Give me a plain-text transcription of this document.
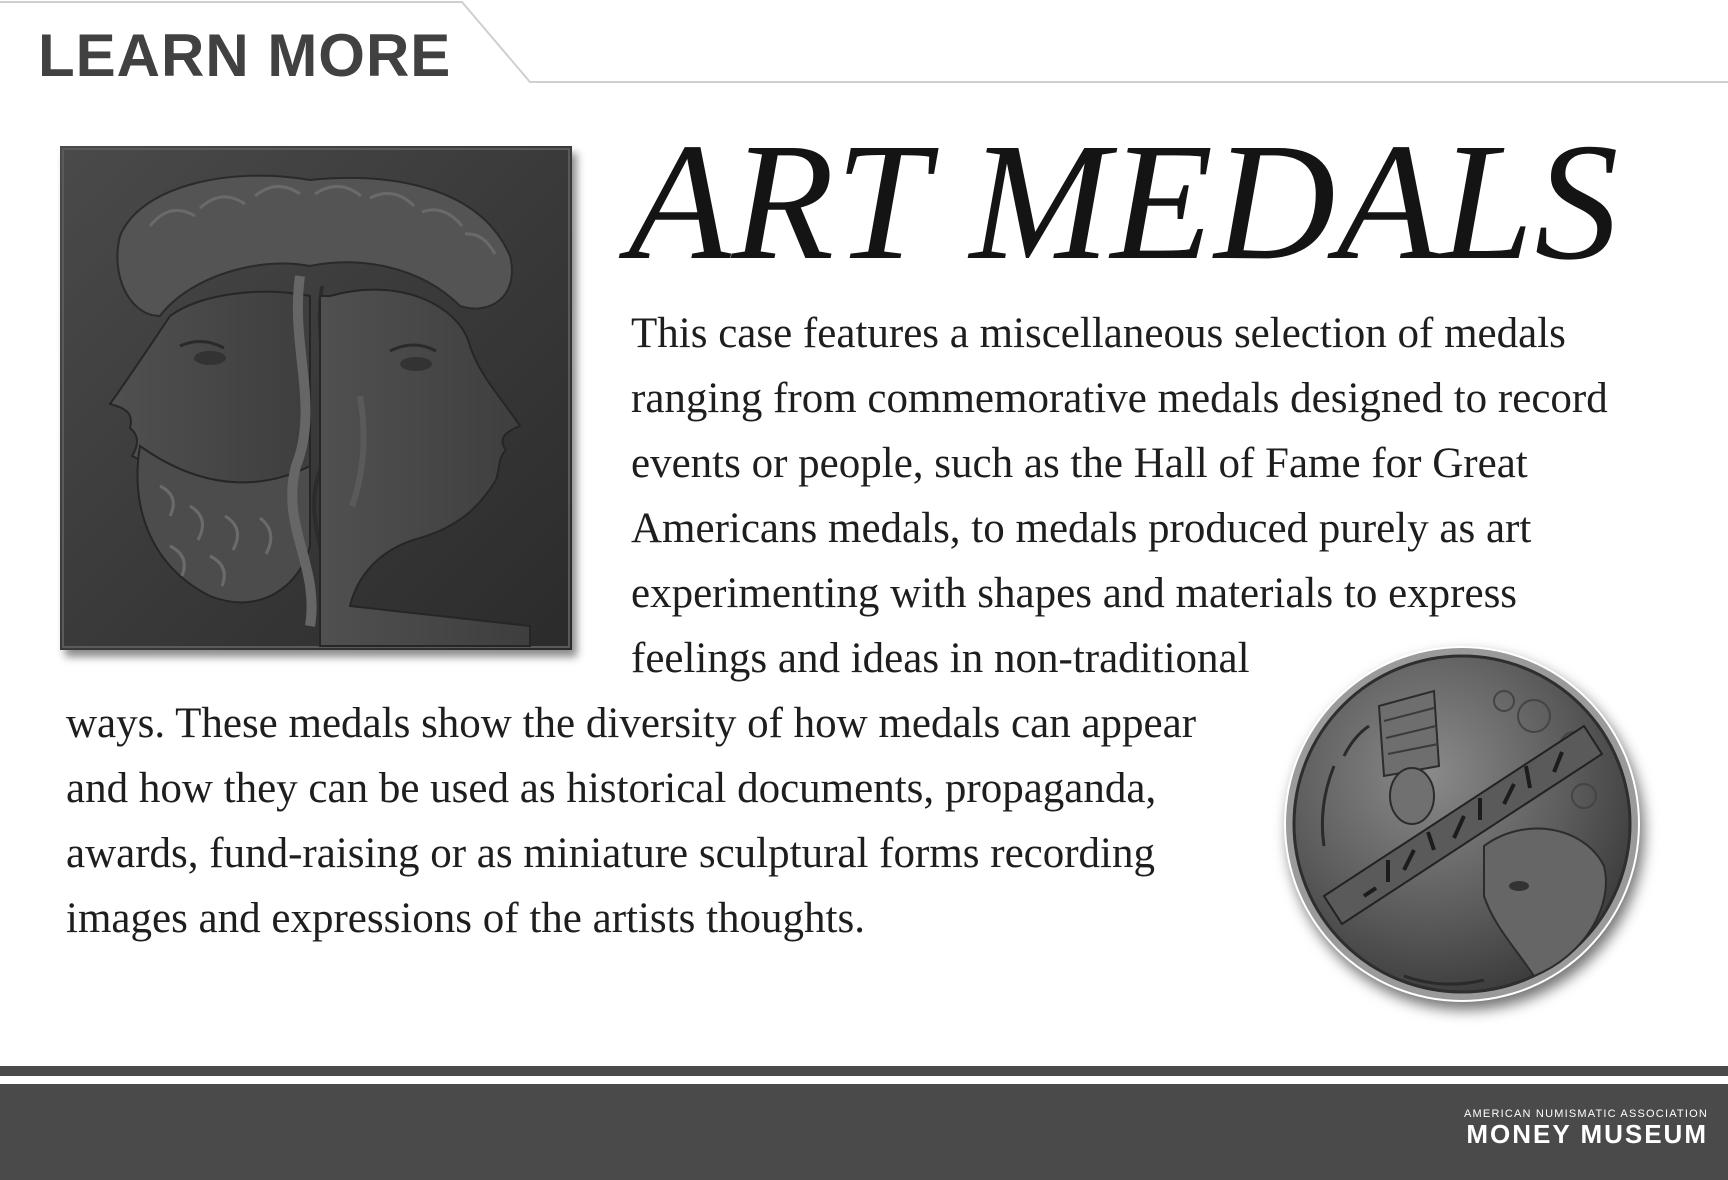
LEARN MORE
ART MEDALS
This case features a miscellaneous selection of medals
ranging from commemorative medals designed to record
events or people, such as the Hall of Fame for Great
Americans medals, to medals produced purely as art
experimenting with shapes and materials to express
feelings and ideas in non-traditional
ways. These medals show the diversity of how medals can appear
and how they can be used as historical documents, propaganda,
awards, fund-raising or as miniature sculptural forms recording
images and expressions of the artists thoughts.
AMERICAN NUMISMATIC ASSOCIATION
MONEY MUSEUM
